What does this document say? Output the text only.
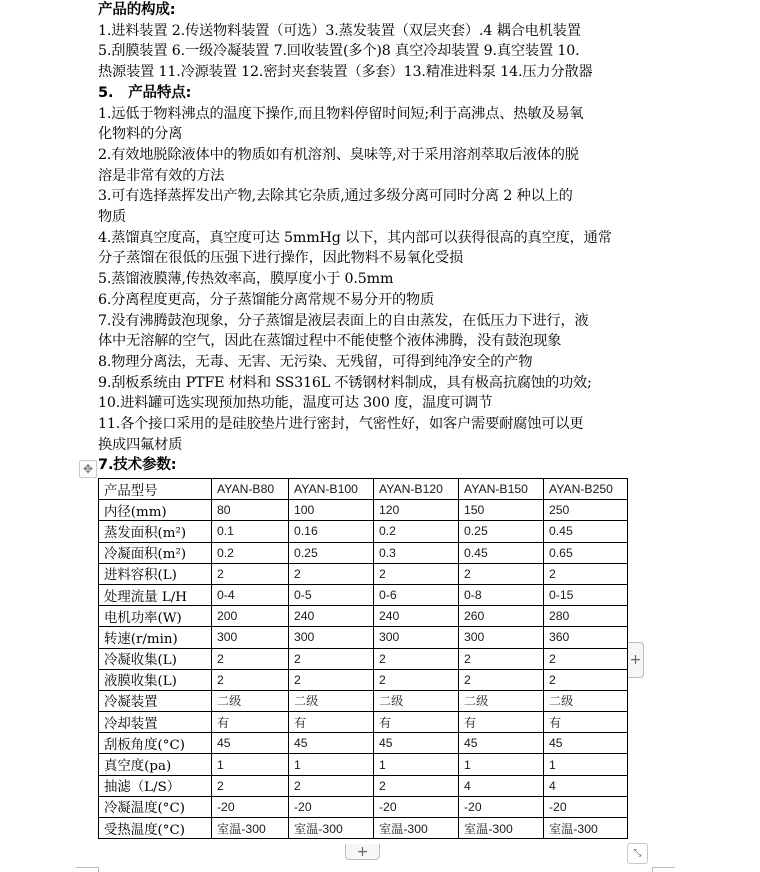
产品的构成:
1.进料装置 2.传送物料装置（可选）3.蒸发装置（双层夹套）.4 耦合电机装置
5.刮膜装置 6.一级冷凝装置 7.回收装置(多个)8 真空冷却装置 9.真空装置 10.
热源装置 11.冷源装置 12.密封夹套装置（多套）13.精准进料泵 14.压力分散器
5. 产品特点:
1.远低于物料沸点的温度下操作,而且物料停留时间短;利于高沸点、热敏及易氧
化物料的分离
2.有效地脱除液体中的物质如有机溶剂、臭味等,对于采用溶剂萃取后液体的脱
溶是非常有效的方法
3.可有选择蒸挥发出产物,去除其它杂质,通过多级分离可同时分离 2 种以上的
物质
4.蒸馏真空度高，真空度可达 5mmHg 以下，其内部可以获得很高的真空度，通常
分子蒸馏在很低的压强下进行操作，因此物料不易氧化受损
5.蒸馏液膜薄,传热效率高，膜厚度小于 0.5mm
6.分离程度更高，分子蒸馏能分离常规不易分开的物质
7.没有沸腾鼓泡现象，分子蒸馏是液层表面上的自由蒸发，在低压力下进行，液
体中无溶解的空气，因此在蒸馏过程中不能使整个液体沸腾，没有鼓泡现象
8.物理分离法，无毒、无害、无污染、无残留，可得到纯净安全的产物
9.刮板系统由 PTFE 材料和 SS316L 不锈钢材料制成，具有极高抗腐蚀的功效;
10.进料罐可选实现预加热功能，温度可达 300 度，温度可调节
11.各个接口采用的是硅胶垫片进行密封，气密性好，如客户需要耐腐蚀可以更
换成四氟材质
7.技术参数:
✥
产品型号	AYAN-B80	AYAN-B100	AYAN-B120	AYAN-B150	AYAN-B250
内径(mm)	80	100	120	150	250
蒸发面积(m²)	0.1	0.16	0.2	0.25	0.45
冷凝面积(m²)	0.2	0.25	0.3	0.45	0.65
进料容积(L)	2	2	2	2	2
处理流量 L/H	0-4	0-5	0-6	0-8	0-15
电机功率(W)	200	240	240	260	280
转速(r/min)	300	300	300	300	360
冷凝收集(L)	2	2	2	2	2
液膜收集(L)	2	2	2	2	2
冷凝装置	二级	二级	二级	二级	二级
冷却装置	有	有	有	有	有
刮板角度(°C)	45	45	45	45	45
真空度(pa)	1	1	1	1	1
抽滤（L/S）	2	2	2	4	4
冷凝温度(°C)	-20	-20	-20	-20	-20
受热温度(°C)	室温-300	室温-300	室温-300	室温-300	室温-300
+
+	⤡
